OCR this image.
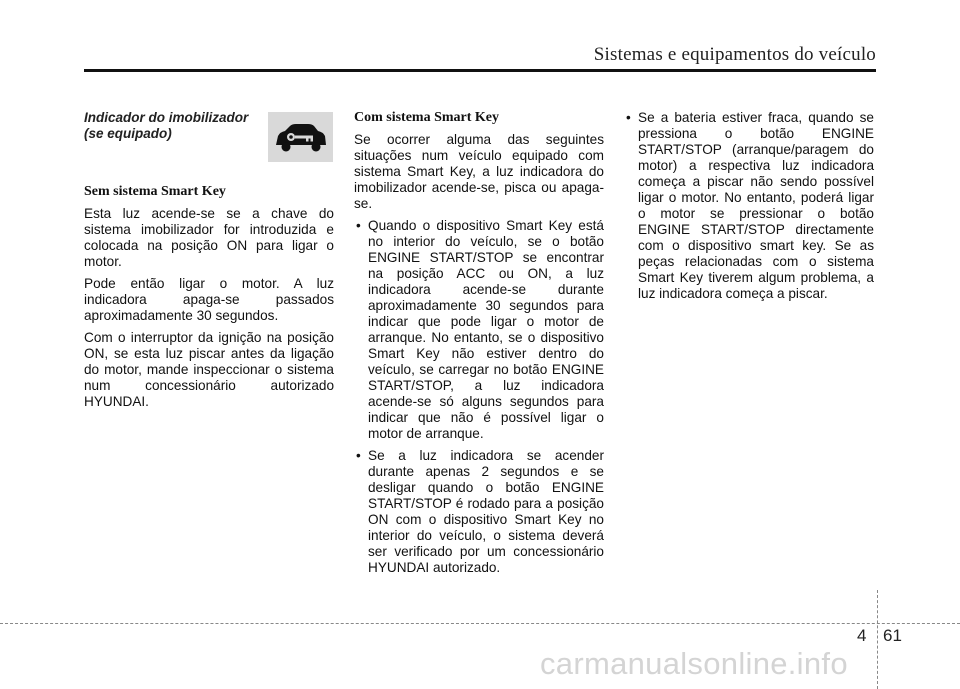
Sistemas e equipamentos do veículo

Indicador do imobilizador
(se equipado)

Sem sistema Smart Key

Esta luz acende-se se a chave do sistema imobilizador for introduzida e colocada na posição ON para ligar o motor.

Pode então ligar o motor. A luz indicadora apaga-se passados aproximadamente 30 segundos.

Com o interruptor da ignição na posição ON, se esta luz piscar antes da ligação do motor, mande inspeccionar o sistema num concessionário autorizado HYUNDAI.

Com sistema Smart Key

Se ocorrer alguma das seguintes situações num veículo equipado com sistema Smart Key, a luz indicadora do imobilizador acende-se, pisca ou apaga-se.

• Quando o dispositivo Smart Key está no interior do veículo, se o botão ENGINE START/STOP se encontrar na posição ACC ou ON, a luz indicadora acende-se durante aproximadamente 30 segundos para indicar que pode ligar o motor de arranque. No entanto, se o dispositivo Smart Key não estiver dentro do veículo, se carregar no botão ENGINE START/STOP, a luz indicadora acende-se só alguns segundos para indicar que não é possível ligar o motor de arranque.
• Se a luz indicadora se acender durante apenas 2 segundos e se desligar quando o botão ENGINE START/STOP é rodado para a posição ON com o dispositivo Smart Key no interior do veículo, o sistema deverá ser verificado por um concessionário HYUNDAI autorizado.
• Se a bateria estiver fraca, quando se pressiona o botão ENGINE START/STOP (arranque/paragem do motor) a respectiva luz indicadora começa a piscar não sendo possível ligar o motor. No entanto, poderá ligar o motor se pressionar o botão ENGINE START/STOP directamente com o dispositivo smart key. Se as peças relacionadas com o sistema Smart Key tiverem algum problema, a luz indicadora começa a piscar.
4 61
carmanualsonline.info
